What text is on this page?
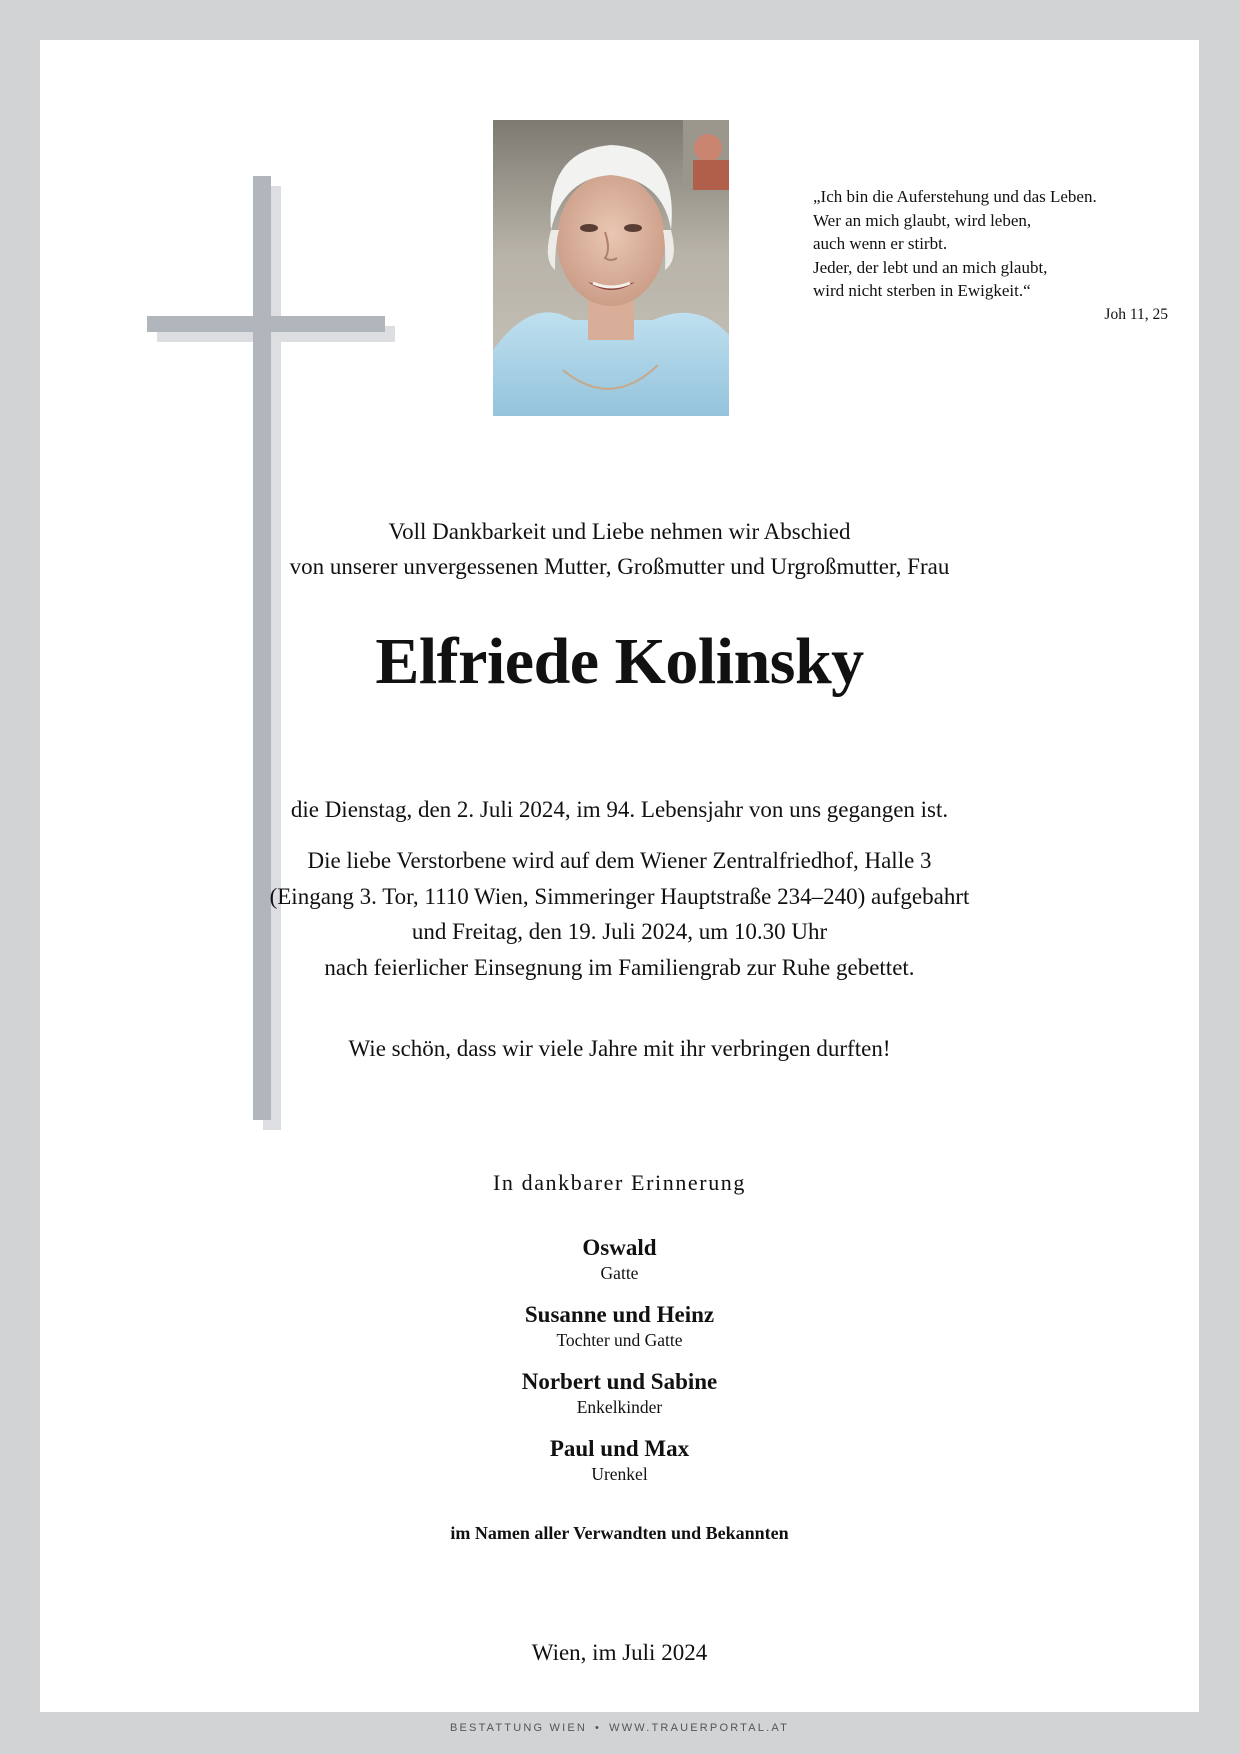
„Ich bin die Auferstehung und das Leben.
Wer an mich glaubt, wird leben,
auch wenn er stirbt.
Jeder, der lebt und an mich glaubt,
wird nicht sterben in Ewigkeit.“
Joh 11, 25
Voll Dankbarkeit und Liebe nehmen wir Abschied
von unserer unvergessenen Mutter, Großmutter und Urgroßmutter, Frau
Elfriede Kolinsky
die Dienstag, den 2. Juli 2024, im 94. Lebensjahr von uns gegangen ist.
Die liebe Verstorbene wird auf dem Wiener Zentralfriedhof, Halle 3
(Eingang 3. Tor, 1110 Wien, Simmeringer Hauptstraße 234–240) aufgebahrt
und Freitag, den 19. Juli 2024, um 10.30 Uhr
nach feierlicher Einsegnung im Familiengrab zur Ruhe gebettet.
Wie schön, dass wir viele Jahre mit ihr verbringen durften!
In dankbarer Erinnerung
Oswald
Gatte
Susanne und Heinz
Tochter und Gatte
Norbert und Sabine
Enkelkinder
Paul und Max
Urenkel
im Namen aller Verwandten und Bekannten
Wien, im Juli 2024
BESTATTUNG WIEN • WWW.TRAUERPORTAL.AT
